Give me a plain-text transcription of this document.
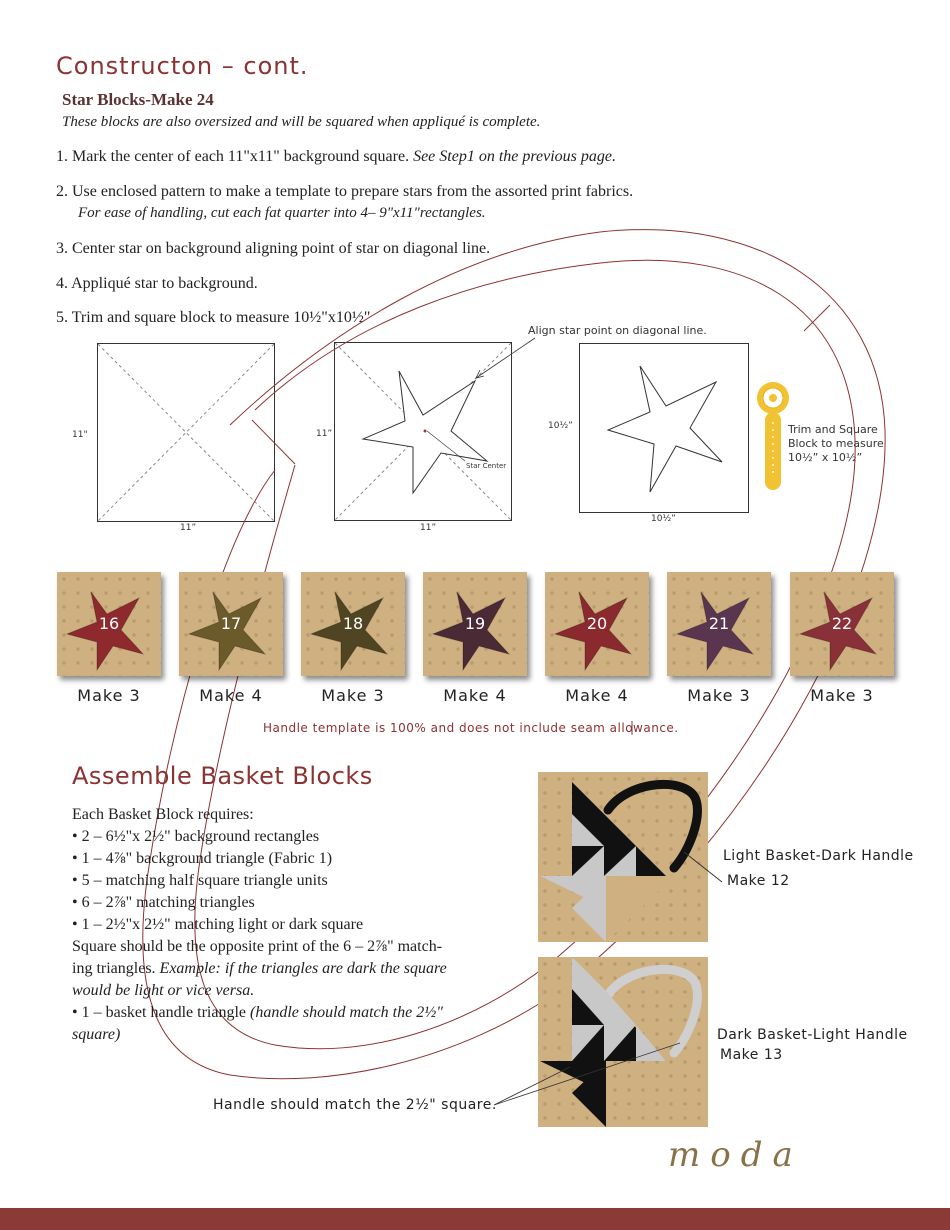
Constructon – cont.
Star Blocks-Make 24
These blocks are also oversized and will be squared when appliqué is complete.
1. Mark the center of each 11"x11" background square. See Step1 on the previous page.
2. Use enclosed pattern to make a template to prepare stars from the assorted print fabrics.
For ease of handling, cut each fat quarter into 4– 9"x11"rectangles.
3. Center star on background aligning point of star on diagonal line.
4. Appliqué star to background.
5. Trim and square block to measure 10½"x10½"
11"
11”
11”
11”
Star Center
Align star point on diagonal line.
10½”
10½”
Trim and Square Block to measure 10½” x 10½”
16	17	18	19	20	21	22
Make 3	Make 4	Make 3	Make 4	Make 4	Make 3	Make 3
Handle template is 100% and does not include seam allowance.
Assemble Basket Blocks
Each Basket Block requires:
• 2 – 6½"x 2½" background rectangles
• 1 – 4⅞" background triangle (Fabric 1)
• 5 – matching half square triangle units
• 6 – 2⅞" matching triangles
• 1 – 2½"x 2½" matching light or dark square
Square should be the opposite print of the 6 – 2⅞" match-
ing triangles. Example: if the triangles are dark the square
would be light or vice versa.
• 1 – basket handle triangle (handle should match the 2½"
square)
Light Basket-Dark Handle
Make 12
Dark Basket-Light Handle
Make 13
Handle should match the 2½" square.
moda
